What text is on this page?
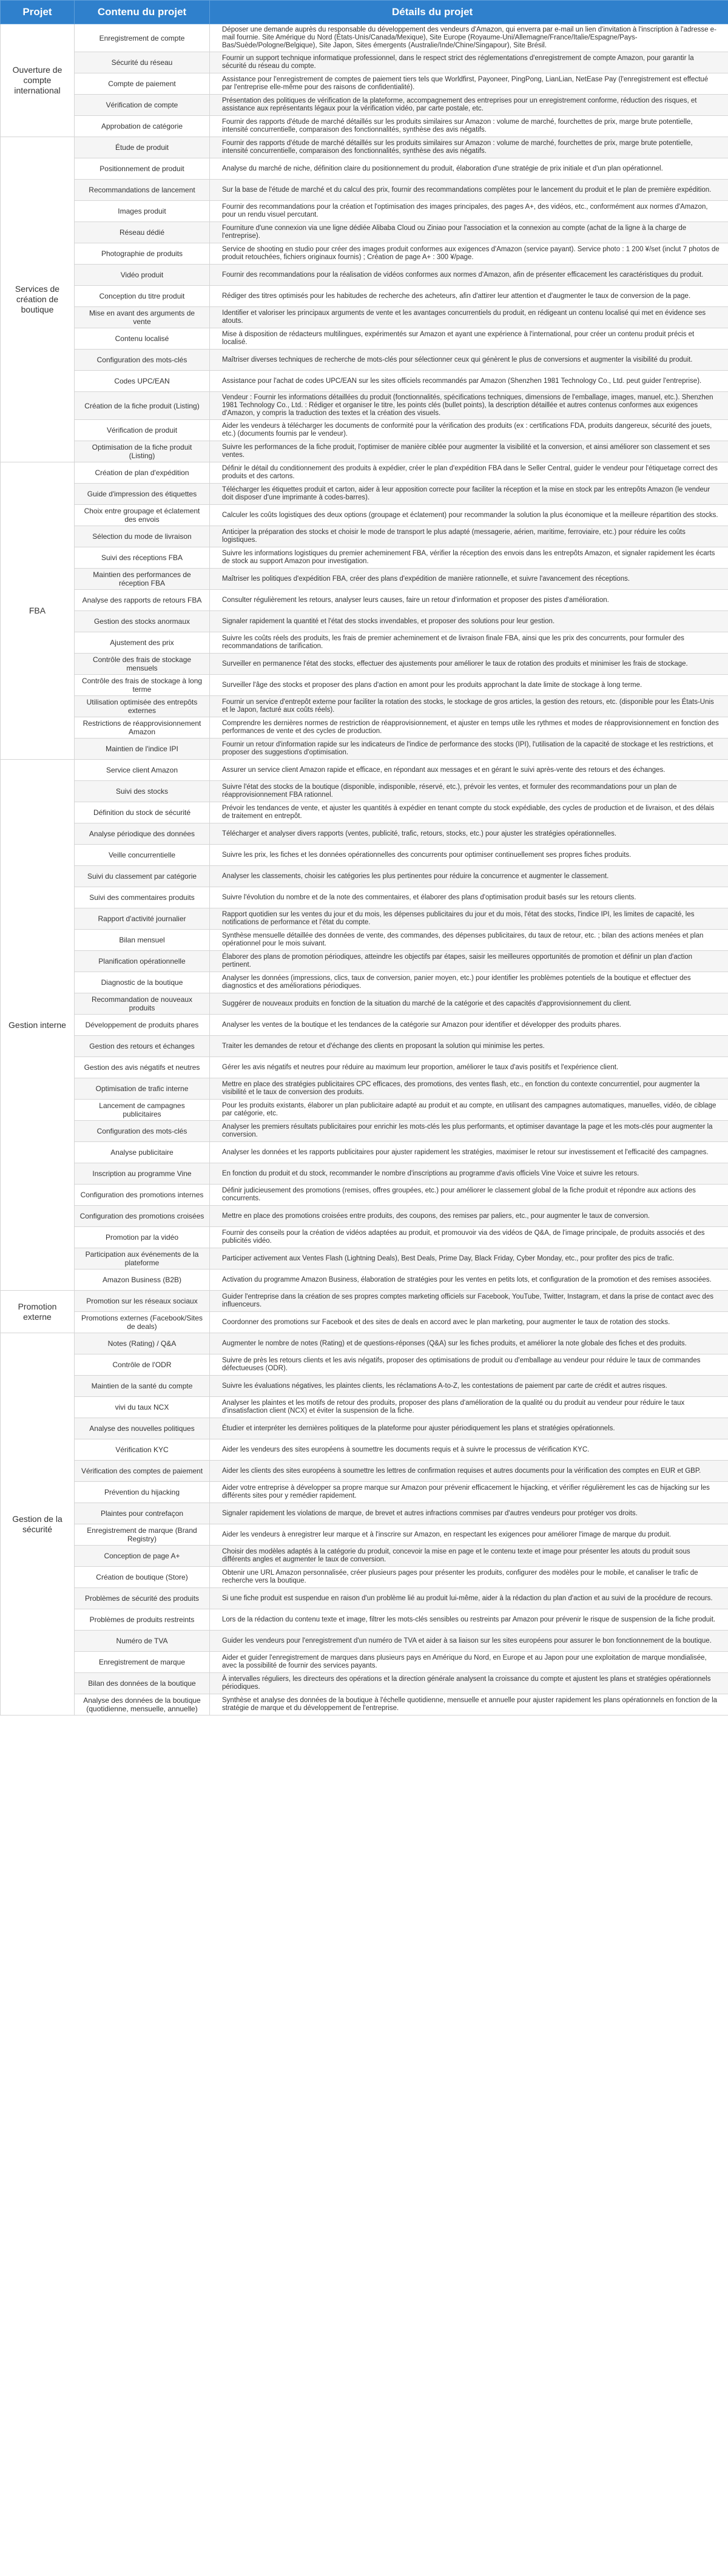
Projet	Contenu du projet	Détails du projet
Ouverture de compte international	Enregistrement de compte	Déposer une demande auprès du responsable du développement des vendeurs d'Amazon, qui enverra par e-mail un lien d'invitation à l'inscription à l'adresse e-mail fournie. Site Amérique du Nord (États-Unis/Canada/Mexique), Site Europe (Royaume-Uni/Allemagne/France/Italie/Espagne/Pays-Bas/Suède/Pologne/Belgique), Site Japon, Sites émergents (Australie/Inde/Chine/Singapour), Site Brésil.
	Sécurité du réseau	Fournir un support technique informatique professionnel, dans le respect strict des réglementations d'enregistrement de compte Amazon, pour garantir la sécurité du réseau du compte.
	Compte de paiement	Assistance pour l'enregistrement de comptes de paiement tiers tels que Worldfirst, Payoneer, PingPong, LianLian, NetEase Pay (l'enregistrement est effectué par l'entreprise elle-même pour des raisons de confidentialité).
	Vérification de compte	Présentation des politiques de vérification de la plateforme, accompagnement des entreprises pour un enregistrement conforme, réduction des risques, et assistance aux représentants légaux pour la vérification vidéo, par carte postale, etc.
	Approbation de catégorie	Fournir des rapports d'étude de marché détaillés sur les produits similaires sur Amazon : volume de marché, fourchettes de prix, marge brute potentielle, intensité concurrentielle, comparaison des fonctionnalités, synthèse des avis négatifs.
Services de création de boutique	Étude de produit	Fournir des rapports d'étude de marché détaillés sur les produits similaires sur Amazon : volume de marché, fourchettes de prix, marge brute potentielle, intensité concurrentielle, comparaison des fonctionnalités, synthèse des avis négatifs.
	Positionnement de produit	Analyse du marché de niche, définition claire du positionnement du produit, élaboration d'une stratégie de prix initiale et d'un plan opérationnel.
	Recommandations de lancement	Sur la base de l'étude de marché et du calcul des prix, fournir des recommandations complètes pour le lancement du produit et le plan de première expédition.
	Images produit	Fournir des recommandations pour la création et l'optimisation des images principales, des pages A+, des vidéos, etc., conformément aux normes d'Amazon, pour un rendu visuel percutant.
	Réseau dédié	Fourniture d'une connexion via une ligne dédiée Alibaba Cloud ou Ziniao pour l'association et la connexion au compte (achat de la ligne à la charge de l'entreprise).
	Photographie de produits	Service de shooting en studio pour créer des images produit conformes aux exigences d'Amazon (service payant). Service photo : 1 200 ¥/set (inclut 7 photos de produit retouchées, fichiers originaux fournis) ; Création de page A+ : 300 ¥/page.
	Vidéo produit	Fournir des recommandations pour la réalisation de vidéos conformes aux normes d'Amazon, afin de présenter efficacement les caractéristiques du produit.
	Conception du titre produit	Rédiger des titres optimisés pour les habitudes de recherche des acheteurs, afin d'attirer leur attention et d'augmenter le taux de conversion de la page.
	Mise en avant des arguments de vente	Identifier et valoriser les principaux arguments de vente et les avantages concurrentiels du produit, en rédigeant un contenu localisé qui met en évidence ses atouts.
	Contenu localisé	Mise à disposition de rédacteurs multilingues, expérimentés sur Amazon et ayant une expérience à l'international, pour créer un contenu produit précis et localisé.
	Configuration des mots-clés	Maîtriser diverses techniques de recherche de mots-clés pour sélectionner ceux qui génèrent le plus de conversions et augmenter la visibilité du produit.
	Codes UPC/EAN	Assistance pour l'achat de codes UPC/EAN sur les sites officiels recommandés par Amazon (Shenzhen 1981 Technology Co., Ltd. peut guider l'entreprise).
	Création de la fiche produit (Listing)	Vendeur : Fournir les informations détaillées du produit (fonctionnalités, spécifications techniques, dimensions de l'emballage, images, manuel, etc.). Shenzhen 1981 Technology Co., Ltd. : Rédiger et organiser le titre, les points clés (bullet points), la description détaillée et autres contenus conformes aux exigences d'Amazon, y compris la traduction des textes et la création des visuels.
	Vérification de produit	Aider les vendeurs à télécharger les documents de conformité pour la vérification des produits (ex : certifications FDA, produits dangereux, sécurité des jouets, etc.) (documents fournis par le vendeur).
	Optimisation de la fiche produit (Listing)	Suivre les performances de la fiche produit, l'optimiser de manière ciblée pour augmenter la visibilité et la conversion, et ainsi améliorer son classement et ses ventes.
FBA	Création de plan d'expédition	Définir le détail du conditionnement des produits à expédier, créer le plan d'expédition FBA dans le Seller Central, guider le vendeur pour l'étiquetage correct des produits et des cartons.
	Guide d'impression des étiquettes	Télécharger les étiquettes produit et carton, aider à leur apposition correcte pour faciliter la réception et la mise en stock par les entrepôts Amazon (le vendeur doit disposer d'une imprimante à codes-barres).
	Choix entre groupage et éclatement des envois	Calculer les coûts logistiques des deux options (groupage et éclatement) pour recommander la solution la plus économique et la meilleure répartition des stocks.
	Sélection du mode de livraison	Anticiper la préparation des stocks et choisir le mode de transport le plus adapté (messagerie, aérien, maritime, ferroviaire, etc.) pour réduire les coûts logistiques.
	Suivi des réceptions FBA	Suivre les informations logistiques du premier acheminement FBA, vérifier la réception des envois dans les entrepôts Amazon, et signaler rapidement les écarts de stock au support Amazon pour investigation.
	Maintien des performances de réception FBA	Maîtriser les politiques d'expédition FBA, créer des plans d'expédition de manière rationnelle, et suivre l'avancement des réceptions.
	Analyse des rapports de retours FBA	Consulter régulièrement les retours, analyser leurs causes, faire un retour d'information et proposer des pistes d'amélioration.
	Gestion des stocks anormaux	Signaler rapidement la quantité et l'état des stocks invendables, et proposer des solutions pour leur gestion.
	Ajustement des prix	Suivre les coûts réels des produits, les frais de premier acheminement et de livraison finale FBA, ainsi que les prix des concurrents, pour formuler des recommandations de tarification.
	Contrôle des frais de stockage mensuels	Surveiller en permanence l'état des stocks, effectuer des ajustements pour améliorer le taux de rotation des produits et minimiser les frais de stockage.
	Contrôle des frais de stockage à long terme	Surveiller l'âge des stocks et proposer des plans d'action en amont pour les produits approchant la date limite de stockage à long terme.
	Utilisation optimisée des entrepôts externes	Fournir un service d'entrepôt externe pour faciliter la rotation des stocks, le stockage de gros articles, la gestion des retours, etc. (disponible pour les États-Unis et le Japon, facturé aux coûts réels).
	Restrictions de réapprovisionnement Amazon	Comprendre les dernières normes de restriction de réapprovisionnement, et ajuster en temps utile les rythmes et modes de réapprovisionnement en fonction des performances de vente et des cycles de production.
	Maintien de l'indice IPI	Fournir un retour d'information rapide sur les indicateurs de l'indice de performance des stocks (IPI), l'utilisation de la capacité de stockage et les restrictions, et proposer des suggestions d'optimisation.
Gestion interne	Service client Amazon	Assurer un service client Amazon rapide et efficace, en répondant aux messages et en gérant le suivi après-vente des retours et des échanges.
	Suivi des stocks	Suivre l'état des stocks de la boutique (disponible, indisponible, réservé, etc.), prévoir les ventes, et formuler des recommandations pour un plan de réapprovisionnement FBA rationnel.
	Définition du stock de sécurité	Prévoir les tendances de vente, et ajuster les quantités à expédier en tenant compte du stock expédiable, des cycles de production et de livraison, et des délais de traitement en entrepôt.
	Analyse périodique des données	Télécharger et analyser divers rapports (ventes, publicité, trafic, retours, stocks, etc.) pour ajuster les stratégies opérationnelles.
	Veille concurrentielle	Suivre les prix, les fiches et les données opérationnelles des concurrents pour optimiser continuellement ses propres fiches produits.
	Suivi du classement par catégorie	Analyser les classements, choisir les catégories les plus pertinentes pour réduire la concurrence et augmenter le classement.
	Suivi des commentaires produits	Suivre l'évolution du nombre et de la note des commentaires, et élaborer des plans d'optimisation produit basés sur les retours clients.
	Rapport d'activité journalier	Rapport quotidien sur les ventes du jour et du mois, les dépenses publicitaires du jour et du mois, l'état des stocks, l'indice IPI, les limites de capacité, les notifications de performance et l'état du compte.
	Bilan mensuel	Synthèse mensuelle détaillée des données de vente, des commandes, des dépenses publicitaires, du taux de retour, etc. ; bilan des actions menées et plan opérationnel pour le mois suivant.
	Planification opérationnelle	Élaborer des plans de promotion périodiques, atteindre les objectifs par étapes, saisir les meilleures opportunités de promotion et définir un plan d'action pertinent.
	Diagnostic de la boutique	Analyser les données (impressions, clics, taux de conversion, panier moyen, etc.) pour identifier les problèmes potentiels de la boutique et effectuer des diagnostics et des améliorations périodiques.
	Recommandation de nouveaux produits	Suggérer de nouveaux produits en fonction de la situation du marché de la catégorie et des capacités d'approvisionnement du client.
	Développement de produits phares	Analyser les ventes de la boutique et les tendances de la catégorie sur Amazon pour identifier et développer des produits phares.
	Gestion des retours et échanges	Traiter les demandes de retour et d'échange des clients en proposant la solution qui minimise les pertes.
	Gestion des avis négatifs et neutres	Gérer les avis négatifs et neutres pour réduire au maximum leur proportion, améliorer le taux d'avis positifs et l'expérience client.
	Optimisation de trafic interne	Mettre en place des stratégies publicitaires CPC efficaces, des promotions, des ventes flash, etc., en fonction du contexte concurrentiel, pour augmenter la visibilité et le taux de conversion des produits.
	Lancement de campagnes publicitaires	Pour les produits existants, élaborer un plan publicitaire adapté au produit et au compte, en utilisant des campagnes automatiques, manuelles, vidéo, de ciblage par catégorie, etc.
	Configuration des mots-clés	Analyser les premiers résultats publicitaires pour enrichir les mots-clés les plus performants, et optimiser davantage la page et les mots-clés pour augmenter la conversion.
	Analyse publicitaire	Analyser les données et les rapports publicitaires pour ajuster rapidement les stratégies, maximiser le retour sur investissement et l'efficacité des campagnes.
	Inscription au programme Vine	En fonction du produit et du stock, recommander le nombre d'inscriptions au programme d'avis officiels Vine Voice et suivre les retours.
	Configuration des promotions internes	Définir judicieusement des promotions (remises, offres groupées, etc.) pour améliorer le classement global de la fiche produit et répondre aux actions des concurrents.
	Configuration des promotions croisées	Mettre en place des promotions croisées entre produits, des coupons, des remises par paliers, etc., pour augmenter le taux de conversion.
	Promotion par la vidéo	Fournir des conseils pour la création de vidéos adaptées au produit, et promouvoir via des vidéos de Q&A, de l'image principale, de produits associés et des publicités vidéo.
	Participation aux événements de la plateforme	Participer activement aux Ventes Flash (Lightning Deals), Best Deals, Prime Day, Black Friday, Cyber Monday, etc., pour profiter des pics de trafic.
	Amazon Business (B2B)	Activation du programme Amazon Business, élaboration de stratégies pour les ventes en petits lots, et configuration de la promotion et des remises associées.
Promotion externe	Promotion sur les réseaux sociaux	Guider l'entreprise dans la création de ses propres comptes marketing officiels sur Facebook, YouTube, Twitter, Instagram, et dans la prise de contact avec des influenceurs.
	Promotions externes (Facebook/Sites de deals)	Coordonner des promotions sur Facebook et des sites de deals en accord avec le plan marketing, pour augmenter le taux de rotation des stocks.
Gestion de la sécurité	Notes (Rating) / Q&A	Augmenter le nombre de notes (Rating) et de questions-réponses (Q&A) sur les fiches produits, et améliorer la note globale des fiches et des produits.
	Contrôle de l'ODR	Suivre de près les retours clients et les avis négatifs, proposer des optimisations de produit ou d'emballage au vendeur pour réduire le taux de commandes défectueuses (ODR).
	Maintien de la santé du compte	Suivre les évaluations négatives, les plaintes clients, les réclamations A-to-Z, les contestations de paiement par carte de crédit et autres risques.
	vivi du taux NCX	Analyser les plaintes et les motifs de retour des produits, proposer des plans d'amélioration de la qualité ou du produit au vendeur pour réduire le taux d'insatisfaction client (NCX) et éviter la suspension de la fiche.
	Analyse des nouvelles politiques	Étudier et interpréter les dernières politiques de la plateforme pour ajuster périodiquement les plans et stratégies opérationnels.
	Vérification KYC	Aider les vendeurs des sites européens à soumettre les documents requis et à suivre le processus de vérification KYC.
	Vérification des comptes de paiement	Aider les clients des sites européens à soumettre les lettres de confirmation requises et autres documents pour la vérification des comptes en EUR et GBP.
	Prévention du hijacking	Aider votre entreprise à développer sa propre marque sur Amazon pour prévenir efficacement le hijacking, et vérifier régulièrement les cas de hijacking sur les différents sites pour y remédier rapidement.
	Plaintes pour contrefaçon	Signaler rapidement les violations de marque, de brevet et autres infractions commises par d'autres vendeurs pour protéger vos droits.
	Enregistrement de marque (Brand Registry)	Aider les vendeurs à enregistrer leur marque et à l'inscrire sur Amazon, en respectant les exigences pour améliorer l'image de marque du produit.
	Conception de page A+	Choisir des modèles adaptés à la catégorie du produit, concevoir la mise en page et le contenu texte et image pour présenter les atouts du produit sous différents angles et augmenter le taux de conversion.
	Création de boutique (Store)	Obtenir une URL Amazon personnalisée, créer plusieurs pages pour présenter les produits, configurer des modèles pour le mobile, et canaliser le trafic de recherche vers la boutique.
	Problèmes de sécurité des produits	Si une fiche produit est suspendue en raison d'un problème lié au produit lui-même, aider à la rédaction du plan d'action et au suivi de la procédure de recours.
	Problèmes de produits restreints	Lors de la rédaction du contenu texte et image, filtrer les mots-clés sensibles ou restreints par Amazon pour prévenir le risque de suspension de la fiche produit.
	Numéro de TVA	Guider les vendeurs pour l'enregistrement d'un numéro de TVA et aider à sa liaison sur les sites européens pour assurer le bon fonctionnement de la boutique.
	Enregistrement de marque	Aider et guider l'enregistrement de marques dans plusieurs pays en Amérique du Nord, en Europe et au Japon pour une exploitation de marque mondialisée, avec la possibilité de fournir des services payants.
	Bilan des données de la boutique	À intervalles réguliers, les directeurs des opérations et la direction générale analysent la croissance du compte et ajustent les plans et stratégies opérationnels périodiques.
	Analyse des données de la boutique (quotidienne, mensuelle, annuelle)	Synthèse et analyse des données de la boutique à l'échelle quotidienne, mensuelle et annuelle pour ajuster rapidement les plans opérationnels en fonction de la stratégie de marque et du développement de l'entreprise.
